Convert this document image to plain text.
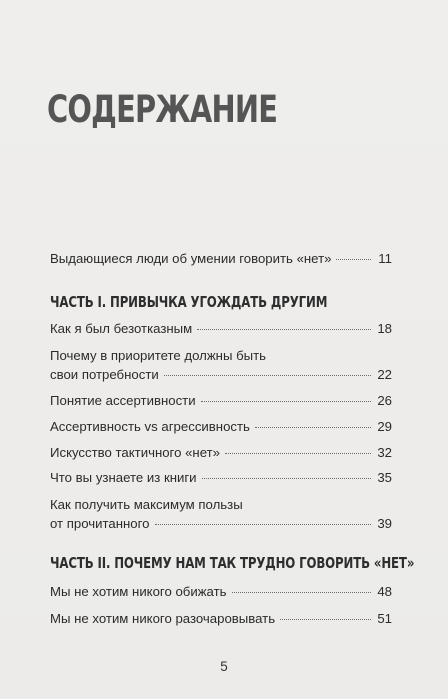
СОДЕРЖАНИЕ
Выдающиеся люди об умении говорить «нет»	11
ЧАСТЬ I. ПРИВЫЧКА УГОЖДАТЬ ДРУГИМ
Как я был безотказным	18
Почему в приоритете должны быть
свои потребности	22
Понятие ассертивности	26
Ассертивность vs агрессивность	29
Искусство тактичного «нет»	32
Что вы узнаете из книги	35
Как получить максимум пользы
от прочитанного	39
ЧАСТЬ II. ПОЧЕМУ НАМ ТАК ТРУДНО ГОВОРИТЬ «НЕТ»
Мы не хотим никого обижать	48
Мы не хотим никого разочаровывать	51
5
